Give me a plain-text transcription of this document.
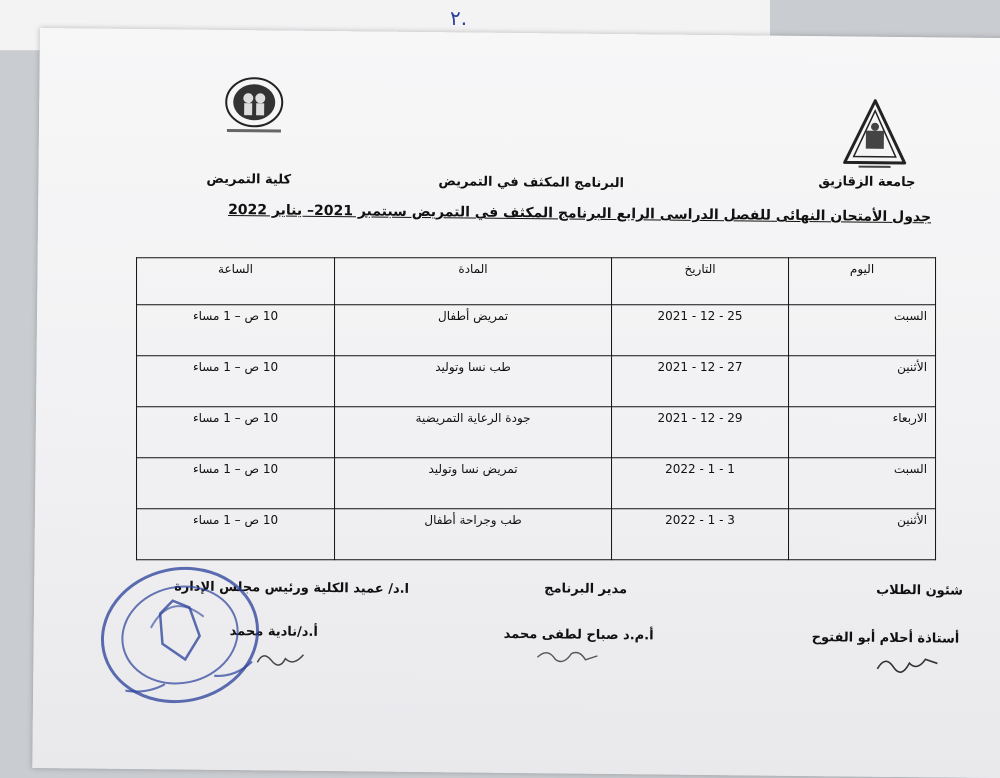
٢.
جامعة الزقازيق
البرنامج المكثف في التمريض
كلية التمريض
جدول الأمتحان النهائى للفصل الدراسى الرابع البرنامج المكثف في التمريض سبتمبر 2021– يناير 2022
اليوم	التاريخ	المادة	الساعة
السبت	25 - 12 - 2021	تمريض أطفال	10 ص – 1 مساء
الأثنين	27 - 12 - 2021	طب نسا وتوليد	10 ص – 1 مساء
الاربعاء	29 - 12 - 2021	جودة الرعاية التمريضية	10 ص – 1 مساء
السبت	1 - 1 - 2022	تمريض نسا وتوليد	10 ص – 1 مساء
الأثنين	3 - 1 - 2022	طب وجراحة أطفال	10 ص – 1 مساء
شئون الطلاب
أستاذة أحلام أبو الفتوح
مدير البرنامج
أ.م.د صباح لطفى محمد
ا.د/ عميد الكلية ورئيس مجلس الإدارة
أ.د/نادية محمد
